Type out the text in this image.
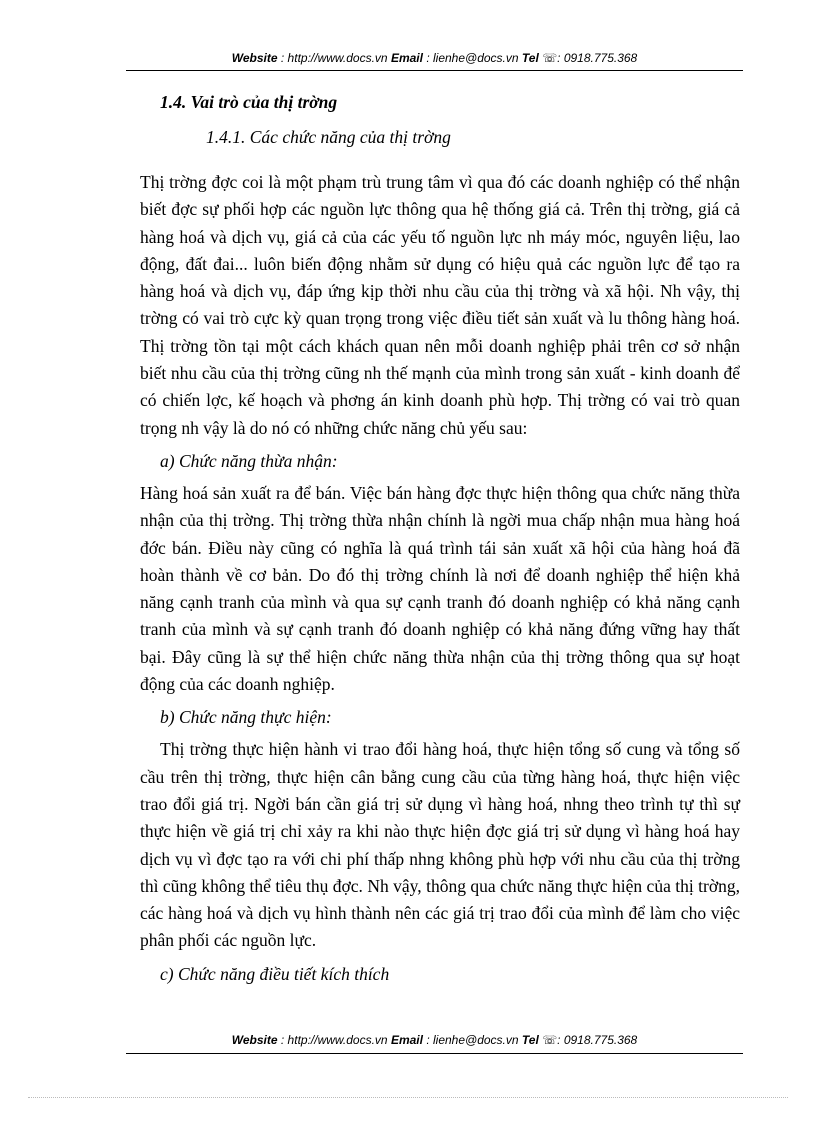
Website : http://www.docs.vn Email : lienhe@docs.vn Tel ☏: 0918.775.368
1.4. Vai trò của thị trờng
1.4.1. Các chức năng của thị trờng

Thị trờng đợc coi là một phạm trù trung tâm vì qua đó các doanh nghiệp có thể nhận biết đợc sự phối hợp các nguồn lực thông qua hệ thống giá cả. Trên thị trờng, giá cả hàng hoá và dịch vụ, giá cả của các yếu tố nguồn lực nh máy móc, nguyên liệu, lao động, đất đai... luôn biến động nhằm sử dụng có hiệu quả các nguồn lực để tạo ra hàng hoá và dịch vụ, đáp ứng kịp thời nhu cầu của thị trờng và xã hội. Nh vậy, thị trờng có vai trò cực kỳ quan trọng trong việc điều tiết sản xuất và lu thông hàng hoá. Thị trờng tồn tại một cách khách quan nên mỗi doanh nghiệp phải trên cơ sở nhận biết nhu cầu của thị trờng cũng nh thế mạnh của mình trong sản xuất - kinh doanh để có chiến lợc, kế hoạch và phơng án kinh doanh phù hợp. Thị trờng có vai trò quan trọng nh vậy là do nó có những chức năng chủ yếu sau:

a) Chức năng thừa nhận:

Hàng hoá sản xuất ra để bán. Việc bán hàng đợc thực hiện thông qua chức năng thừa nhận của thị trờng. Thị trờng thừa nhận chính là ngời mua chấp nhận mua hàng hoá đớc bán. Điều này cũng có nghĩa là quá trình tái sản xuất xã hội của hàng hoá đã hoàn thành về cơ bản. Do đó thị trờng chính là nơi để doanh nghiệp thể hiện khả năng cạnh tranh của mình và qua sự cạnh tranh đó doanh nghiệp có khả năng cạnh tranh của mình và sự cạnh tranh đó doanh nghiệp có khả năng đứng vững hay thất bại. Đây cũng là sự thể hiện chức năng thừa nhận của thị trờng thông qua sự hoạt động của các doanh nghiệp.

b) Chức năng thực hiện:

Thị trờng thực hiện hành vi trao đổi hàng hoá, thực hiện tổng số cung và tổng số cầu trên thị trờng, thực hiện cân bằng cung cầu của từng hàng hoá, thực hiện việc trao đổi giá trị. Ngời bán cần giá trị sử dụng vì hàng hoá, nhng theo trình tự thì sự thực hiện về giá trị chỉ xảy ra khi nào thực hiện đợc giá trị sử dụng vì hàng hoá hay dịch vụ vì đợc tạo ra với chi phí thấp nhng không phù hợp với nhu cầu của thị trờng thì cũng không thể tiêu thụ đợc. Nh vậy, thông qua chức năng thực hiện của thị trờng, các hàng hoá và dịch vụ hình thành nên các giá trị trao đổi của mình để làm cho việc phân phối các nguồn lực.

c) Chức năng điều tiết kích thích
Website : http://www.docs.vn Email : lienhe@docs.vn Tel ☏: 0918.775.368
